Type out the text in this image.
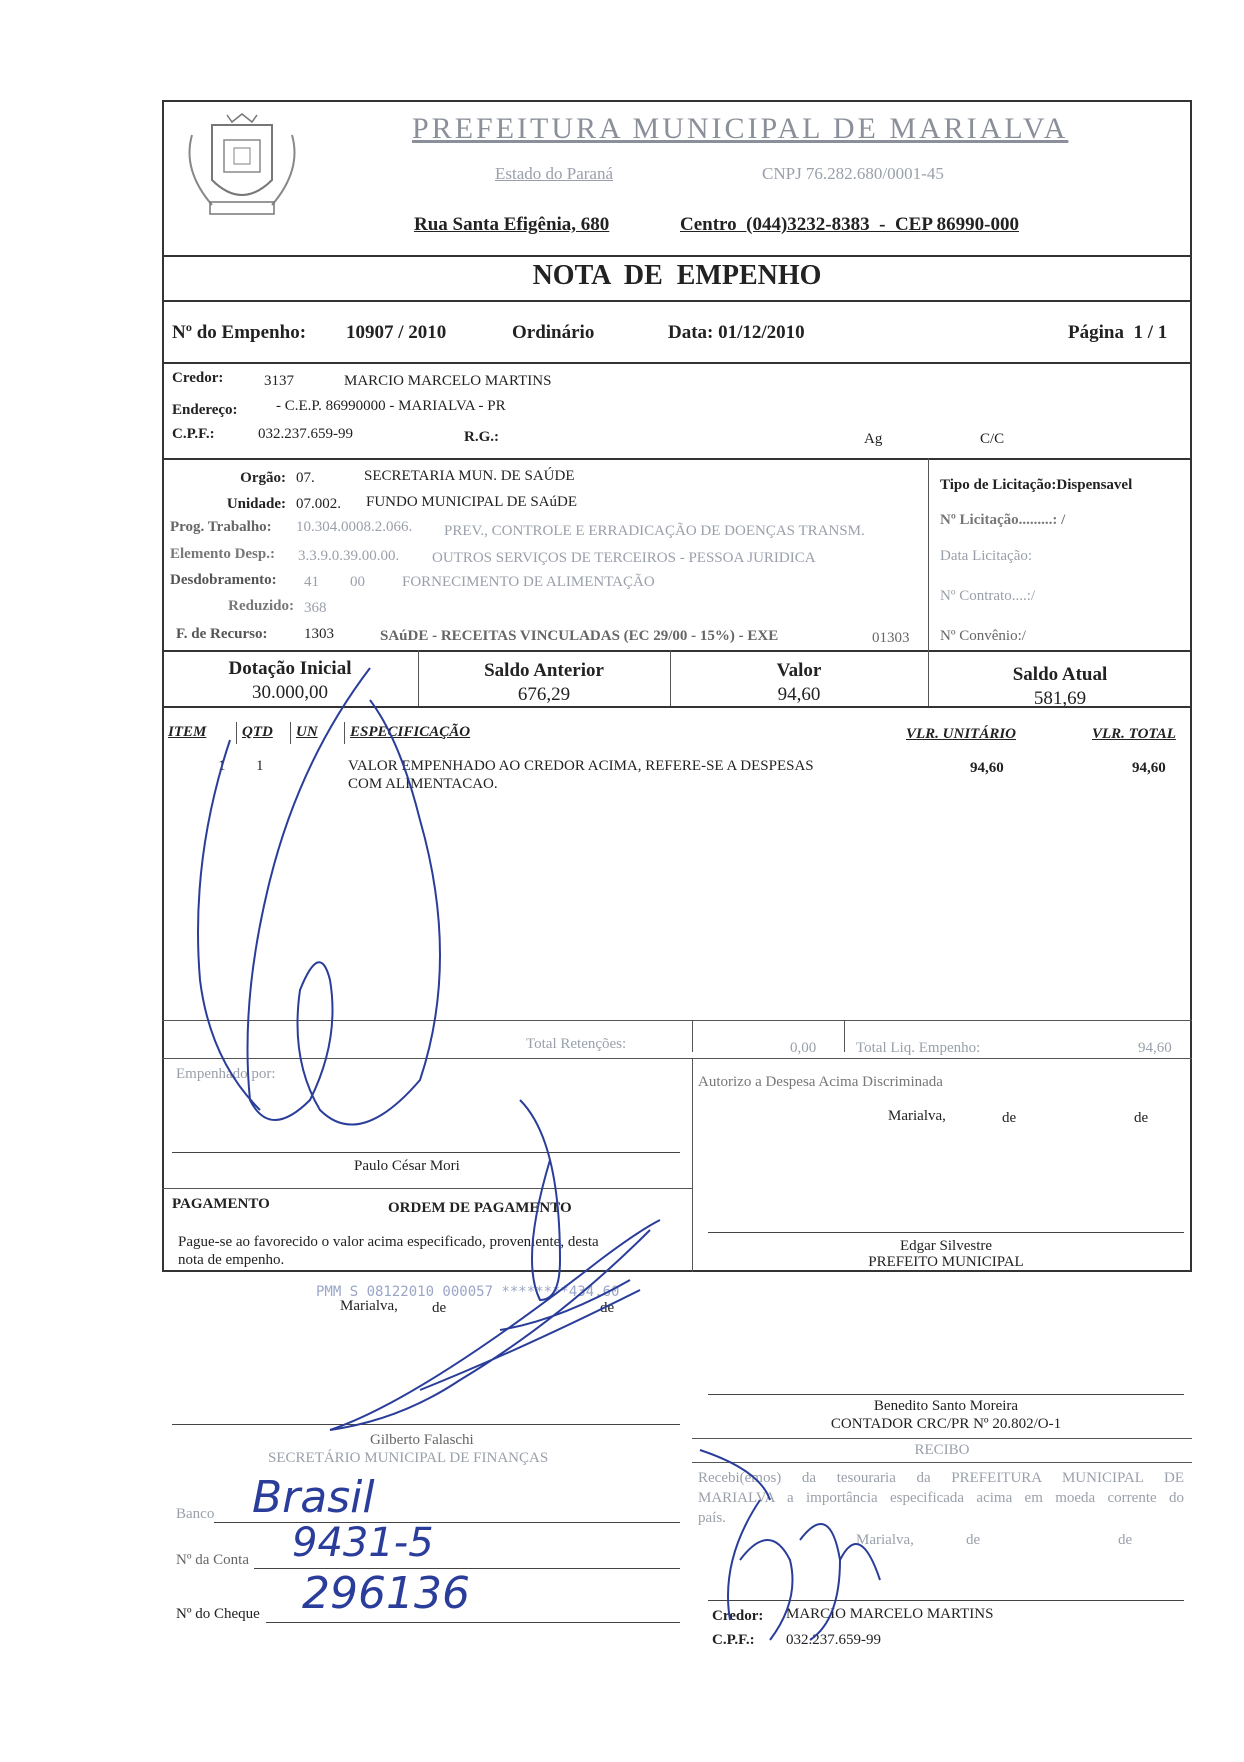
PREFEITURA MUNICIPAL DE MARIALVA
Estado do Paraná	CNPJ 76.282.680/0001-45
Rua Santa Efigênia, 680	Centro  (044)3232-8383  -  CEP 86990-000
NOTA  DE  EMPENHO
Nº do Empenho: 10907 / 2010	Ordinário	Data: 01/12/2010	Página  1 / 1
Credor:	3137	MARCIO MARCELO MARTINS
Endereço:	- C.E.P. 86990000 - MARIALVA - PR
C.P.F.:	032.237.659-99	R.G.:	Ag	C/C
Orgão: 07.	SECRETARIA MUN. DE SAÚDE
Unidade: 07.002. FUNDO MUNICIPAL DE SAúDE
Prog. Trabalho: 10.304.0008.2.066. PREV., CONTROLE E ERRADICAÇÃO DE DOENÇAS TRANSM.
Elemento Desp.: 3.3.9.0.39.00.00. OUTROS SERVIÇOS DE TERCEIROS - PESSOA JURIDICA
Desdobramento: 41 00 FORNECIMENTO DE ALIMENTAÇÃO
Reduzido: 368
F. de Recurso: 1303	SAúDE - RECEITAS VINCULADAS (EC 29/00 - 15%) - EXE	01303
Tipo de Licitação:Dispensavel
Nº Licitação.........: /
Data Licitação:
Nº Contrato....:/
Nº Convênio:/
Dotação Inicial
30.000,00
Saldo Anterior
676,29
Valor
94,60
Saldo Atual
581,69
ITEM QTD UN ESPECIFICAÇÃO	VLR. UNITÁRIO	VLR. TOTAL
1 1	VALOR EMPENHADO AO CREDOR ACIMA, REFERE-SE A DESPESAS
COM ALIMENTACAO.
94,60	94,60
Total Retenções:	0,00	Total Liq. Empenho:	94,60
Empenhado por:
Paulo César Mori
Autorizo a Despesa Acima Discriminada
Marialva,	de	de
PAGAMENTO	ORDEM DE PAGAMENTO
Pague-se ao favorecido o valor acima especificado, proveniente, desta
nota de empenho.
Marialva, de	de
Gilberto Falaschi
SECRETÁRIO MUNICIPAL DE FINANÇAS
Edgar Silvestre
PREFEITO MUNICIPAL
Benedito Santo Moreira
CONTADOR CRC/PR Nº 20.802/O-1
RECIBO
Recebi(emos) da tesouraria da PREFEITURA MUNICIPAL DE
MARIALVA a importância especificada acima em moeda corrente do
país.
Marialva,	de	de
Credor: MARCIO MARCELO MARTINS
C.P.F.: 032.237.659-99
Banco Brasil
Nº da Conta 9431-5
Nº do Cheque 296136
PMM S 08122010 000057 ********434,60
